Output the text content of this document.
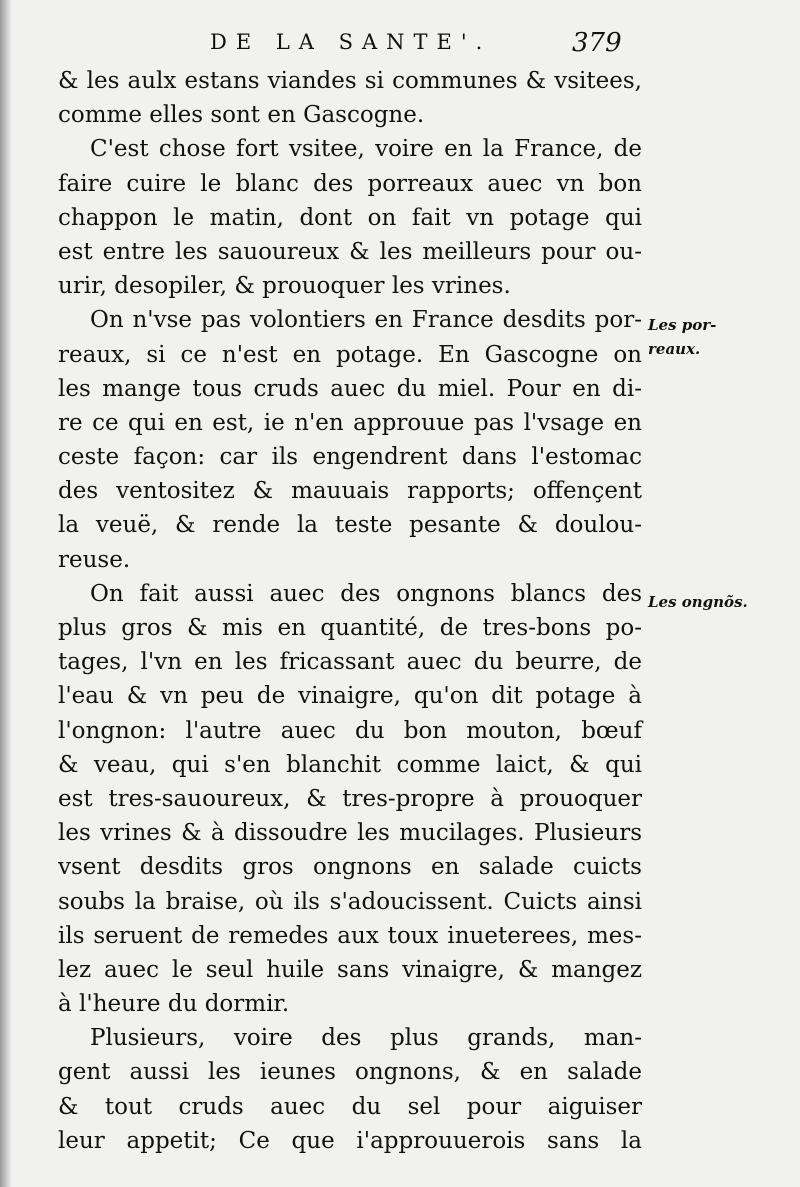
DE LA SANTE'.	379
& les aulx estans viandes si communes & vsitees,
comme elles sont en Gascogne.
C'est chose fort vsitee, voire en la France, de
faire cuire le blanc des porreaux auec vn bon
chappon le matin, dont on fait vn potage qui
est entre les sauoureux & les meilleurs pour ou-
urir, desopiler, & prouoquer les vrines.
On n'vse pas volontiers en France desdits por-
reaux, si ce n'est en potage. En Gascogne on
les mange tous cruds auec du miel. Pour en di-
re ce qui en est, ie n'en approuue pas l'vsage en
ceste façon: car ils engendrent dans l'estomac
des ventositez & mauuais rapports; offençent
la veuë, & rende la teste pesante & doulou-
reuse.
On fait aussi auec des ongnons blancs des
plus gros & mis en quantité, de tres-bons po-
tages, l'vn en les fricassant auec du beurre, de
l'eau & vn peu de vinaigre, qu'on dit potage à
l'ongnon: l'autre auec du bon mouton, bœuf
& veau, qui s'en blanchit comme laict, & qui
est tres-sauoureux, & tres-propre à prouoquer
les vrines & à dissoudre les mucilages. Plusieurs
vsent desdits gros ongnons en salade cuicts
soubs la braise, où ils s'adoucissent. Cuicts ainsi
ils seruent de remedes aux toux inueterees, mes-
lez auec le seul huile sans vinaigre, & mangez
à l'heure du dormir.
Plusieurs, voire des plus grands, man-
gent aussi les ieunes ongnons, & en salade
& tout cruds auec du sel pour aiguiser
leur appetit; Ce que i'approuuerois sans la
Les por-
reaux.
Les ongnõs.
